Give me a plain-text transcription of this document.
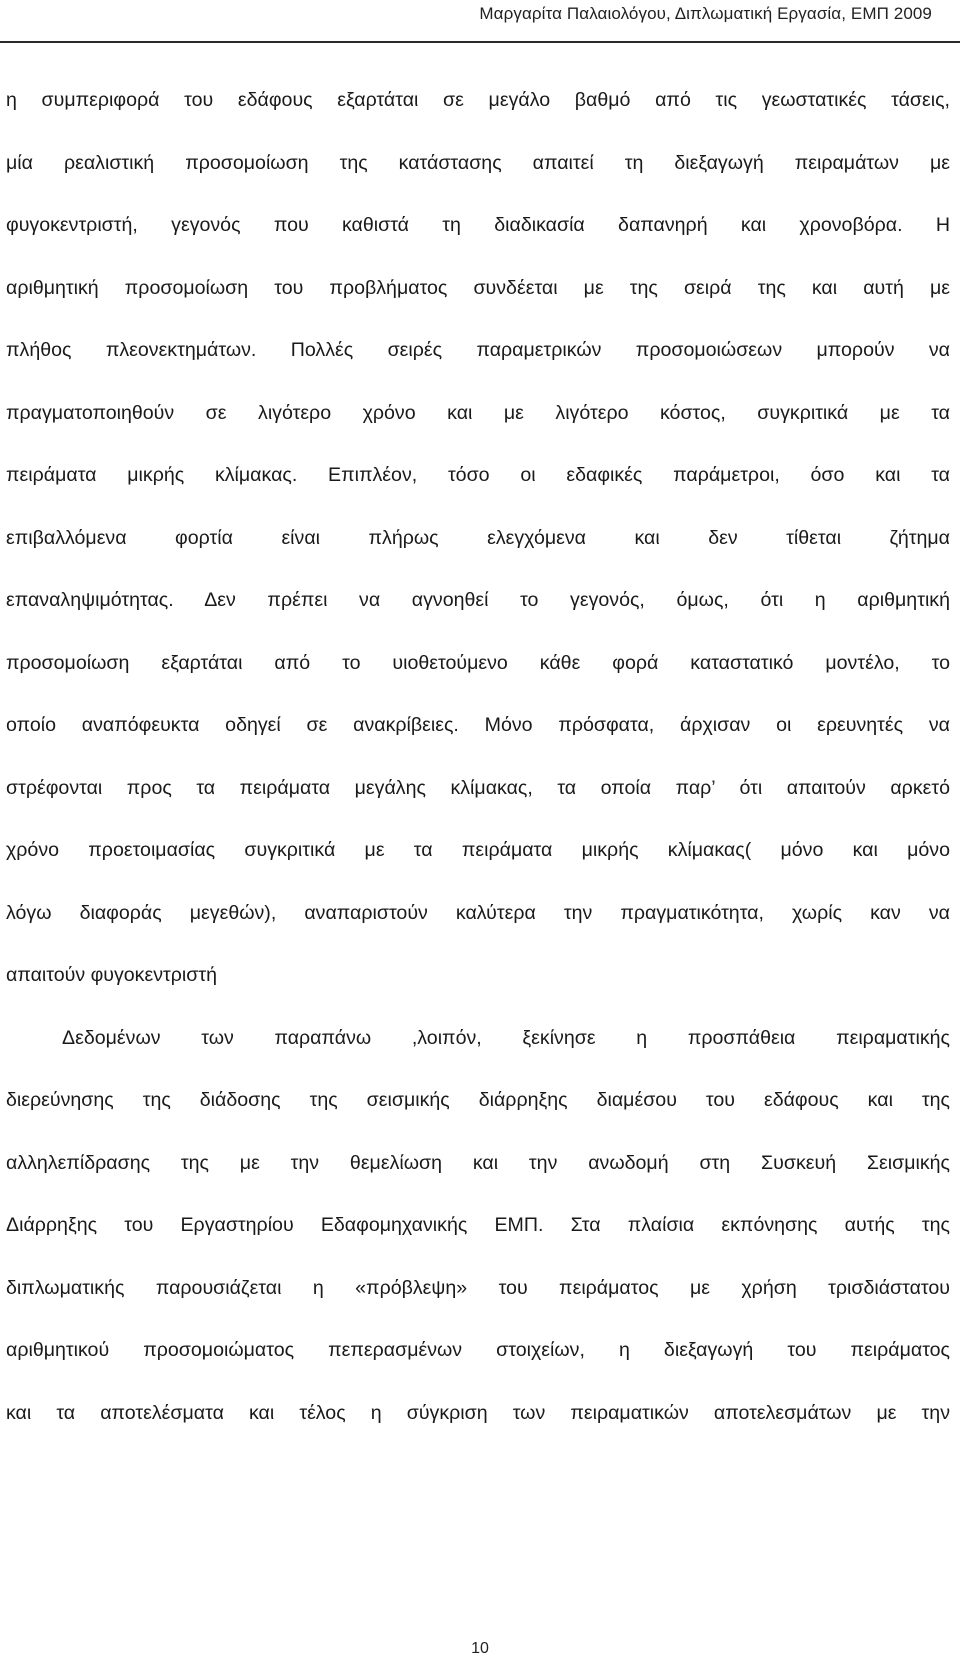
Μαργαρίτα Παλαιολόγου, Διπλωματική Εργασία, ΕΜΠ 2009
η συμπεριφορά του εδάφους εξαρτάται σε μεγάλο βαθμό από τις γεωστατικές τάσεις,
μία ρεαλιστική προσομοίωση της κατάστασης απαιτεί τη διεξαγωγή πειραμάτων με
φυγοκεντριστή, γεγονός που καθιστά τη διαδικασία δαπανηρή και χρονοβόρα. Η
αριθμητική προσομοίωση του προβλήματος συνδέεται με της σειρά της και αυτή με
πλήθος πλεονεκτημάτων. Πολλές σειρές παραμετρικών προσομοιώσεων μπορούν να
πραγματοποιηθούν σε λιγότερο χρόνο και με λιγότερο κόστος, συγκριτικά με τα
πειράματα μικρής κλίμακας. Επιπλέον, τόσο οι εδαφικές παράμετροι, όσο και τα
επιβαλλόμενα φορτία είναι πλήρως ελεγχόμενα και δεν τίθεται ζήτημα
επαναληψιμότητας. Δεν πρέπει να αγνοηθεί το γεγονός, όμως, ότι η αριθμητική
προσομοίωση εξαρτάται από το υιοθετούμενο κάθε φορά καταστατικό μοντέλο, το
οποίο αναπόφευκτα οδηγεί σε ανακρίβειες. Μόνο πρόσφατα, άρχισαν οι ερευνητές να
στρέφονται προς τα πειράματα μεγάλης κλίμακας, τα οποία παρ’ ότι απαιτούν αρκετό
χρόνο προετοιμασίας συγκριτικά με τα πειράματα μικρής κλίμακας( μόνο και μόνο
λόγω διαφοράς μεγεθών), αναπαριστούν καλύτερα την πραγματικότητα, χωρίς καν να
απαιτούν φυγοκεντριστή
Δεδομένων των παραπάνω ,λοιπόν, ξεκίνησε η προσπάθεια πειραματικής
διερεύνησης της διάδοσης της σεισμικής διάρρηξης διαμέσου του εδάφους και της
αλληλεπίδρασης της με την θεμελίωση και την ανωδομή στη Συσκευή Σεισμικής
Διάρρηξης του Εργαστηρίου Εδαφομηχανικής ΕΜΠ. Στα πλαίσια εκπόνησης αυτής της
διπλωματικής παρουσιάζεται η «πρόβλεψη» του πειράματος με χρήση τρισδιάστατου
αριθμητικού προσομοιώματος πεπερασμένων στοιχείων, η διεξαγωγή του πειράματος
και τα αποτελέσματα και τέλος η σύγκριση των πειραματικών αποτελεσμάτων με την
10
